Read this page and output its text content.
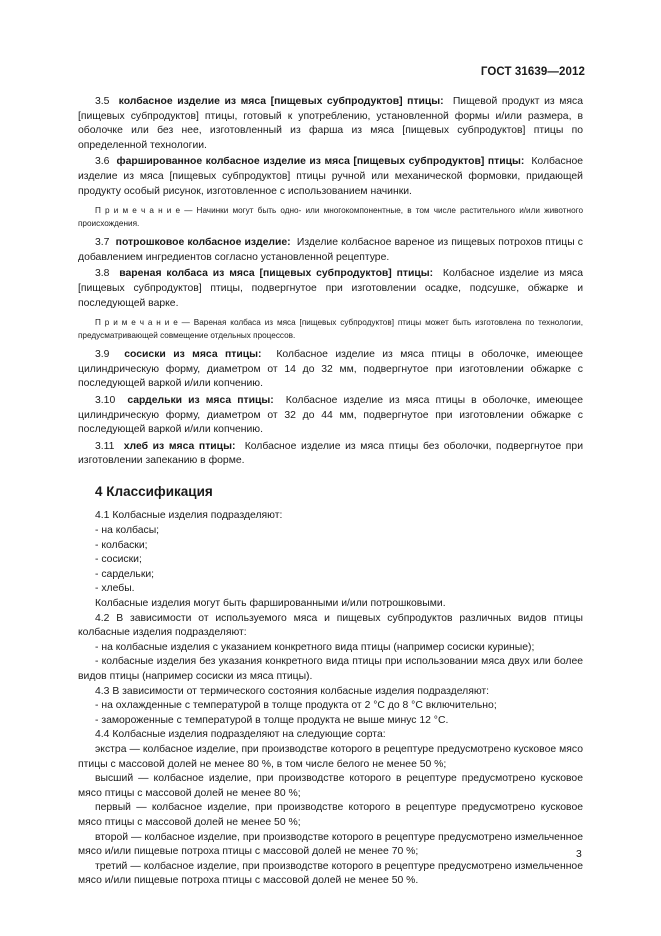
ГОСТ 31639—2012

3.5 колбасное изделие из мяса [пищевых субпродуктов] птицы: Пищевой продукт из мяса [пищевых субпродуктов] птицы, готовый к употреблению, установленной формы и/или размера, в оболочке или без нее, изготовленный из фарша из мяса [пищевых субпродуктов] птицы по определенной технологии.

3.6 фаршированное колбасное изделие из мяса [пищевых субпродуктов] птицы: Колбасное изделие из мяса [пищевых субпродуктов] птицы ручной или механической формовки, придающей продукту особый рисунок, изготовленное с использованием начинки.

П р и м е ч а н и е — Начинки могут быть одно- или многокомпонентные, в том числе растительного и/или животного происхождения.

3.7 потрошковое колбасное изделие: Изделие колбасное вареное из пищевых потрохов птицы с добавлением ингредиентов согласно установленной рецептуре.

3.8 вареная колбаса из мяса [пищевых субпродуктов] птицы: Колбасное изделие из мяса [пищевых субпродуктов] птицы, подвергнутое при изготовлении осадке, подсушке, обжарке и последующей варке.

П р и м е ч а н и е — Вареная колбаса из мяса [пищевых субпродуктов] птицы может быть изготовлена по технологии, предусматривающей совмещение отдельных процессов.

3.9 сосиски из мяса птицы: Колбасное изделие из мяса птицы в оболочке, имеющее цилиндрическую форму, диаметром от 14 до 32 мм, подвергнутое при изготовлении обжарке с последующей варкой и/или копчению.

3.10 сардельки из мяса птицы: Колбасное изделие из мяса птицы в оболочке, имеющее цилиндрическую форму, диаметром от 32 до 44 мм, подвергнутое при изготовлении обжарке с последующей варкой и/или копчению.

3.11 хлеб из мяса птицы: Колбасное изделие из мяса птицы без оболочки, подвергнутое при изготовлении запеканию в форме.

4 Классификация

4.1 Колбасные изделия подразделяют:

- на колбасы;

- колбаски;

- сосиски;

- сардельки;

- хлебы.

Колбасные изделия могут быть фаршированными и/или потрошковыми.

4.2 В зависимости от используемого мяса и пищевых субпродуктов различных видов птицы колбасные изделия подразделяют:

- на колбасные изделия с указанием конкретного вида птицы (например сосиски куриные);

- колбасные изделия без указания конкретного вида птицы при использовании мяса двух или более видов птицы (например сосиски из мяса птицы).

4.3 В зависимости от термического состояния колбасные изделия подразделяют:

- на охлажденные с температурой в толще продукта от 2 °С до 8 °С включительно;

- замороженные с температурой в толще продукта не выше минус 12 °С.

4.4 Колбасные изделия подразделяют на следующие сорта:

экстра — колбасное изделие, при производстве которого в рецептуре предусмотрено кусковое мясо птицы с массовой долей не менее 80 %, в том числе белого не менее 50 %;

высший — колбасное изделие, при производстве которого в рецептуре предусмотрено кусковое мясо птицы с массовой долей не менее 80 %;

первый — колбасное изделие, при производстве которого в рецептуре предусмотрено кусковое мясо птицы с массовой долей не менее 50 %;

второй — колбасное изделие, при производстве которого в рецептуре предусмотрено измельченное мясо и/или пищевые потроха птицы с массовой долей не менее 70 %;

третий — колбасное изделие, при производстве которого в рецептуре предусмотрено измельченное мясо и/или пищевые потроха птицы с массовой долей не менее 50 %.

3
